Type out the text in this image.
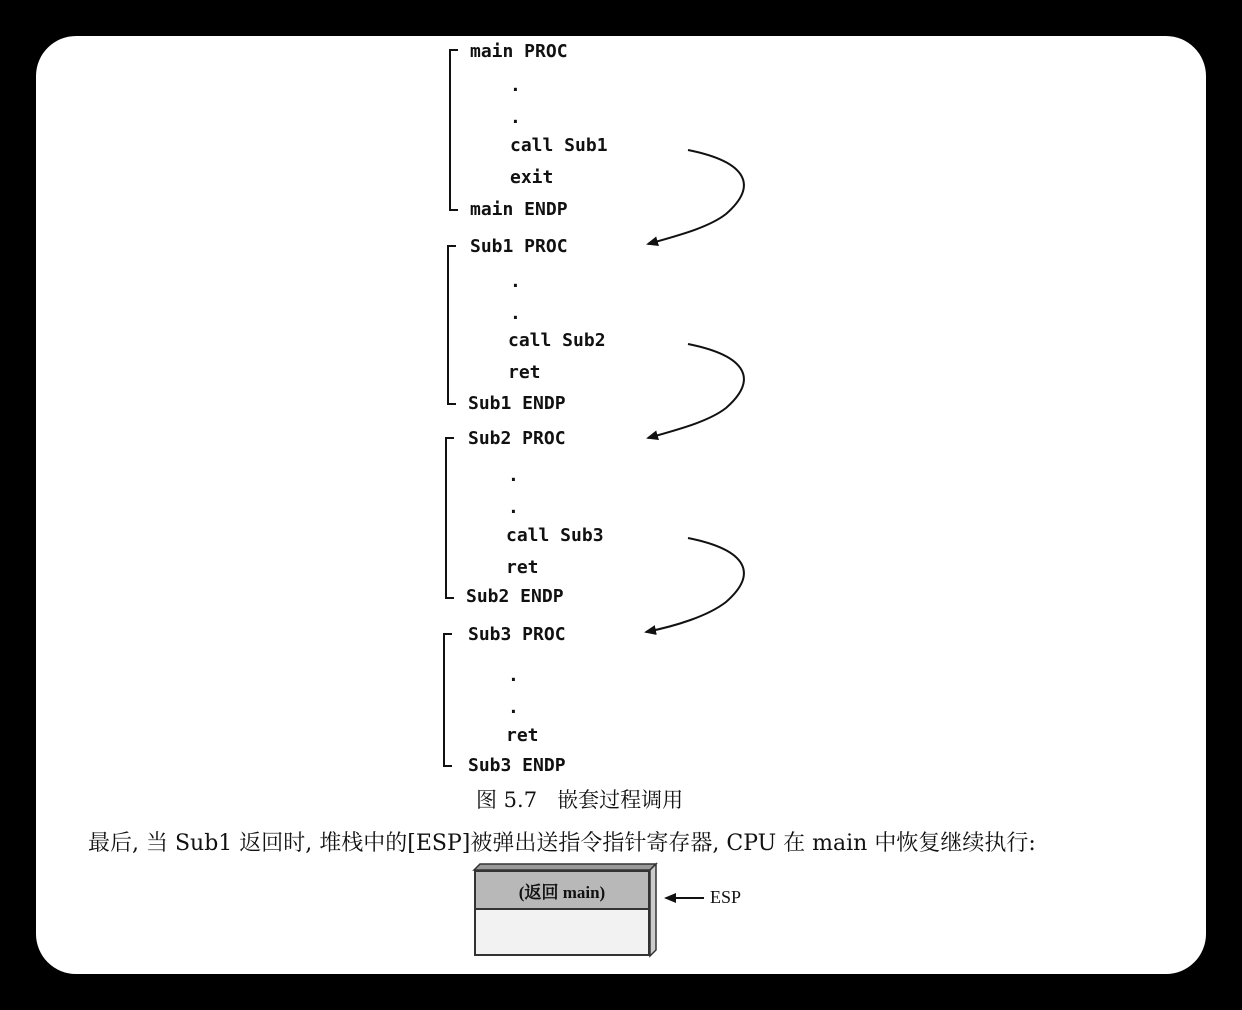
main PROC
.
.
call Sub1
exit
main ENDP
Sub1 PROC
.
.
call Sub2
ret
Sub1 ENDP
Sub2 PROC
.
.
call Sub3
ret
Sub2 ENDP
Sub3 PROC
.
.
ret
Sub3 ENDP
图 5.7   嵌套过程调用
最后, 当 Sub1 返回时, 堆栈中的[ESP]被弹出送指令指针寄存器, CPU 在 main 中恢复继续执行:
(返回 main)	ESP
